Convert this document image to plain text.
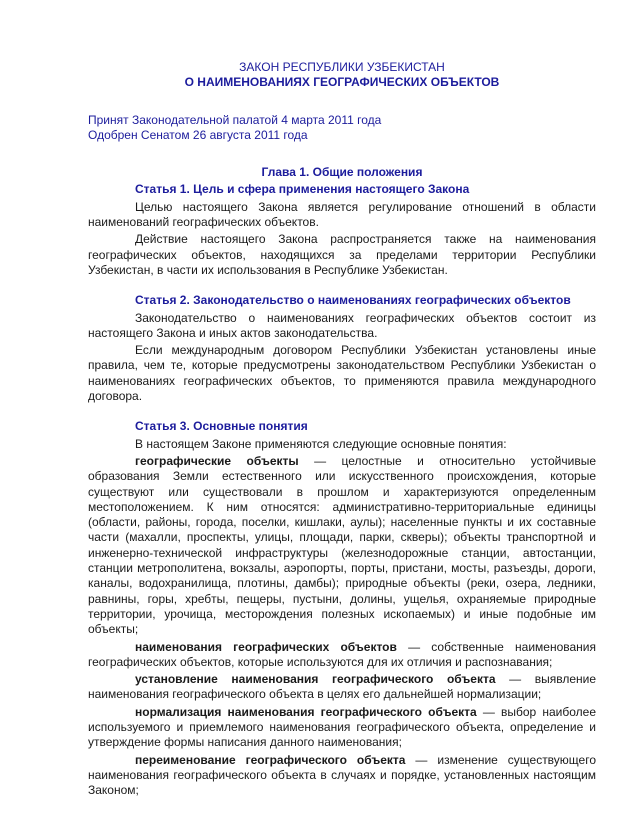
ЗАКОН РЕСПУБЛИКИ УЗБЕКИСТАН
О НАИМЕНОВАНИЯХ ГЕОГРАФИЧЕСКИХ ОБЪЕКТОВ
Принят Законодательной палатой 4 марта 2011 года
Одобрен Сенатом 26 августа 2011 года
Глава 1. Общие положения
Статья 1. Цель и сфера применения настоящего Закона

Целью настоящего Закона является регулирование отношений в области наименований географических объектов.

Действие настоящего Закона распространяется также на наименования географических объектов, находящихся за пределами территории Республики Узбекистан, в части их использования в Республике Узбекистан.

Статья 2. Законодательство о наименованиях географических объектов

Законодательство о наименованиях географических объектов состоит из настоящего Закона и иных актов законодательства.

Если международным договором Республики Узбекистан установлены иные правила, чем те, которые предусмотрены законодательством Республики Узбекистан о наименованиях географических объектов, то применяются правила международного договора.

Статья 3. Основные понятия

В настоящем Законе применяются следующие основные понятия:

географические объекты — целостные и относительно устойчивые образования Земли естественного или искусственного происхождения, которые существуют или существовали в прошлом и характеризуются определенным местоположением. К ним относятся: административно-территориальные единицы (области, районы, города, поселки, кишлаки, аулы); населенные пункты и их составные части (махалли, проспекты, улицы, площади, парки, скверы); объекты транспортной и инженерно-технической инфраструктуры (железнодорожные станции, автостанции, станции метрополитена, вокзалы, аэропорты, порты, пристани, мосты, разъезды, дороги, каналы, водохранилища, плотины, дамбы); природные объекты (реки, озера, ледники, равнины, горы, хребты, пещеры, пустыни, долины, ущелья, охраняемые природные территории, урочища, месторождения полезных ископаемых) и иные подобные им объекты;

наименования географических объектов — собственные наименования географических объектов, которые используются для их отличия и распознавания;

установление наименования географического объекта — выявление наименования географического объекта в целях его дальнейшей нормализации;

нормализация наименования географического объекта — выбор наиболее используемого и приемлемого наименования географического объекта, определение и утверждение формы написания данного наименования;

переименование географического объекта — изменение существующего наименования географического объекта в случаях и порядке, установленных настоящим Законом;
